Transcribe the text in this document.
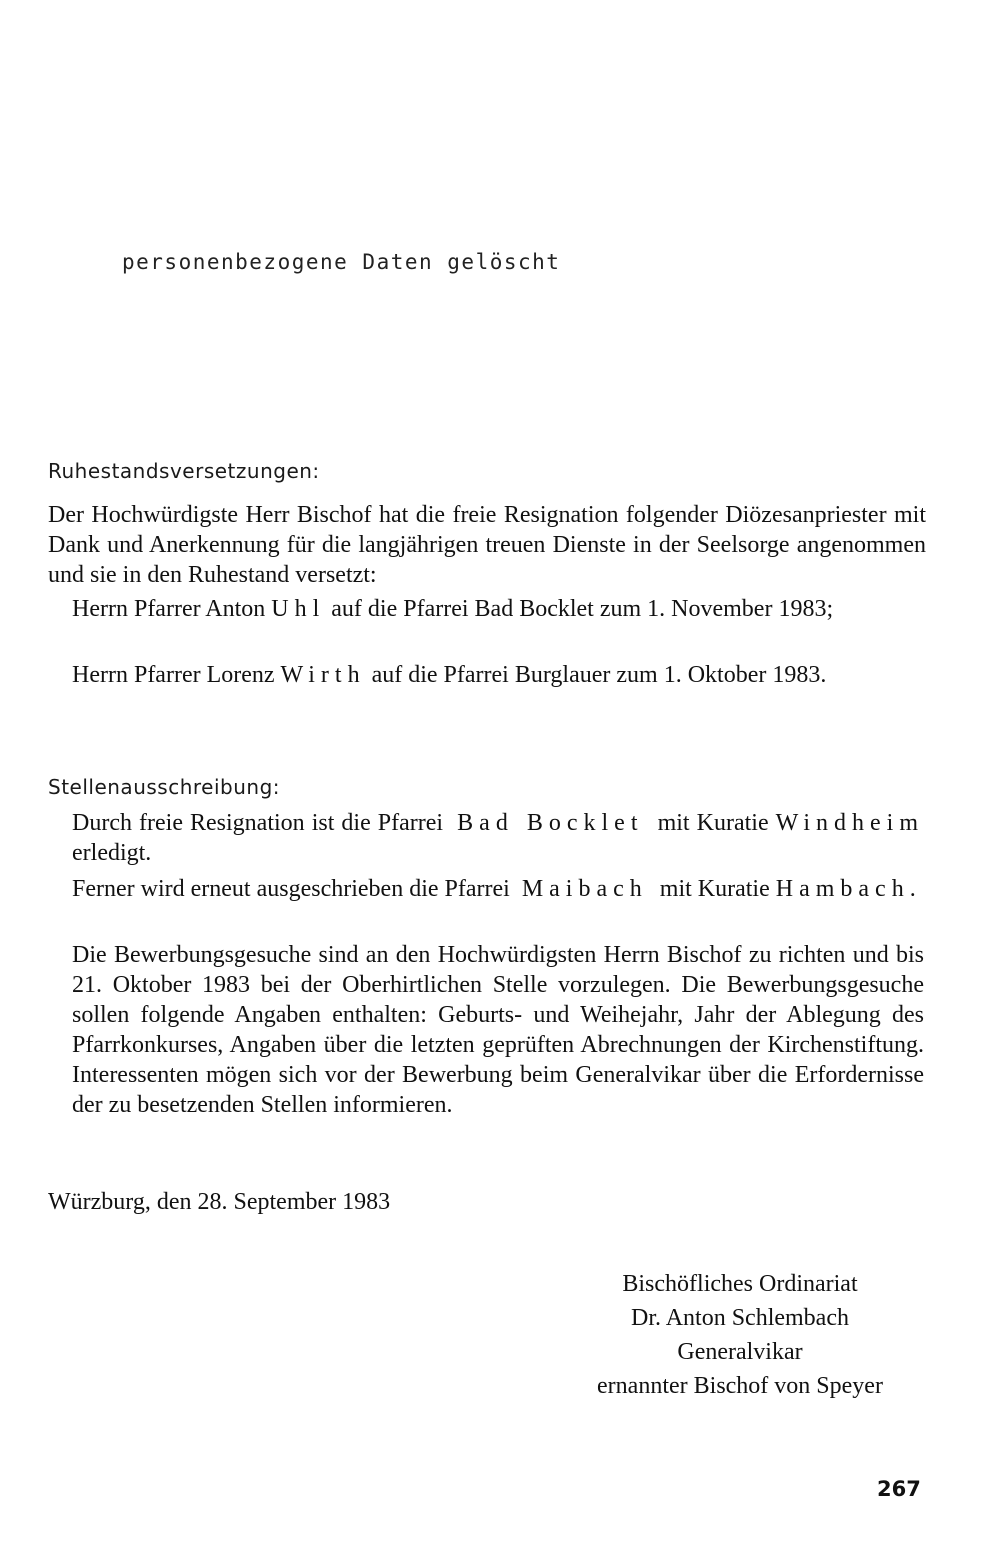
personenbezogene Daten gelöscht
Ruhestandsversetzungen:

Der Hochwürdigste Herr Bischof hat die freie Resignation folgender Diözesanpriester mit Dank und Anerkennung für die langjährigen treuen Dienste in der Seelsorge angenommen und sie in den Ruhestand versetzt:

Herrn Pfarrer Anton Uhl auf die Pfarrei Bad Bocklet zum 1. November 1983;

Herrn Pfarrer Lorenz Wirth auf die Pfarrei Burglauer zum 1. Oktober 1983.

Stellenausschreibung:

Durch freie Resignation ist die Pfarrei Bad Bocklet mit Kuratie Windheim erledigt.

Ferner wird erneut ausgeschrieben die Pfarrei Maibach mit Kuratie Hambach.

Die Bewerbungsgesuche sind an den Hochwürdigsten Herrn Bischof zu richten und bis 21. Oktober 1983 bei der Oberhirtlichen Stelle vorzulegen. Die Bewerbungsgesuche sollen folgende Angaben enthalten: Geburts- und Weihejahr, Jahr der Ablegung des Pfarrkonkurses, Angaben über die letzten geprüften Abrechnungen der Kirchenstiftung. Interessenten mögen sich vor der Bewerbung beim Generalvikar über die Erfordernisse der zu besetzenden Stellen informieren.

Würzburg, den 28. September 1983
Bischöfliches Ordinariat
Dr. Anton Schlembach
Generalvikar
ernannter Bischof von Speyer
267
